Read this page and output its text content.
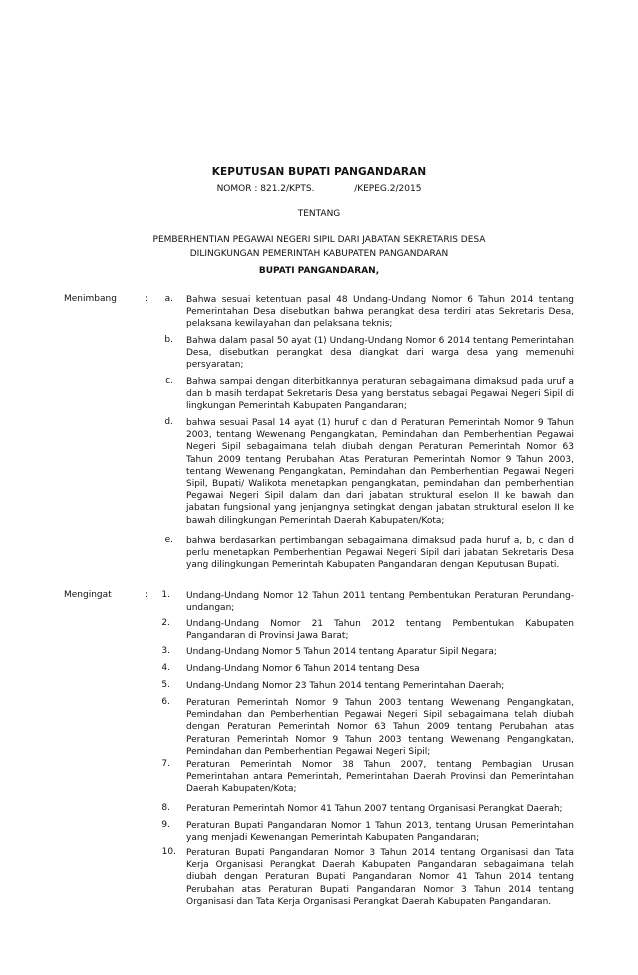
KEPUTUSAN BUPATI PANGANDARAN
NOMOR : 821.2/KPTS.	/KEPEG.2/2015
TENTANG
PEMBERHENTIAN PEGAWAI NEGERI SIPIL DARI JABATAN SEKRETARIS DESA
DILINGKUNGAN PEMERINTAH KABUPATEN PANGANDARAN
BUPATI PANGANDARAN,
Menimbang	:	a. Bahwa sesuai ketentuan pasal 48 Undang-Undang Nomor 6 Tahun 2014 tentang Pemerintahan Desa disebutkan bahwa perangkat desa terdiri atas Sekretaris Desa, pelaksana kewilayahan dan pelaksana teknis;
b. Bahwa dalam pasal 50 ayat (1) Undang-Undang Nomor 6 2014 tentang Pemerintahan Desa, disebutkan perangkat desa diangkat dari warga desa yang memenuhi persyaratan;
c. Bahwa sampai dengan diterbitkannya peraturan sebagaimana dimaksud pada uruf a dan b masih terdapat Sekretaris Desa yang berstatus sebagai Pegawai Negeri Sipil di lingkungan Pemerintah Kabupaten Pangandaran;
d. bahwa sesuai Pasal 14 ayat (1) huruf c dan d Peraturan Pemerintah Nomor 9 Tahun 2003, tentang Wewenang Pengangkatan, Pemindahan dan Pemberhentian Pegawai Negeri Sipil sebagaimana telah diubah dengan Peraturan Pemerintah Nomor 63 Tahun 2009 tentang Perubahan Atas Peraturan Pemerintah Nomor 9 Tahun 2003, tentang Wewenang Pengangkatan, Pemindahan dan Pemberhentian Pegawai Negeri Sipil, Bupati/ Walikota menetapkan pengangkatan, pemindahan dan pemberhentian Pegawai Negeri Sipil dalam dan dari jabatan struktural eselon II ke bawah dan jabatan fungsional yang jenjangnya setingkat dengan jabatan struktural eselon II ke bawah dilingkungan Pemerintah Daerah Kabupaten/Kota;
e. bahwa berdasarkan pertimbangan sebagaimana dimaksud pada huruf a, b, c dan d perlu menetapkan Pemberhentian Pegawai Negeri Sipil dari jabatan Sekretaris Desa yang dilingkungan Pemerintah Kabupaten Pangandaran dengan Keputusan Bupati.
Mengingat	:	1. Undang-Undang Nomor 12 Tahun 2011 tentang Pembentukan Peraturan Perundang-undangan;
2. Undang-Undang Nomor 21 Tahun 2012 tentang Pembentukan Kabupaten Pangandaran di Provinsi Jawa Barat;
3. Undang-Undang Nomor 5 Tahun 2014 tentang Aparatur Sipil Negara;
4. Undang-Undang Nomor 6 Tahun 2014 tentang Desa
5. Undang-Undang Nomor 23 Tahun 2014 tentang Pemerintahan Daerah;
6. Peraturan Pemerintah Nomor 9 Tahun 2003 tentang Wewenang Pengangkatan, Pemindahan dan Pemberhentian Pegawai Negeri Sipil sebagaimana telah diubah dengan Peraturan Pemerintah Nomor 63 Tahun 2009 tentang Perubahan atas Peraturan Pemerintah Nomor 9 Tahun 2003 tentang Wewenang Pengangkatan, Pemindahan dan Pemberhentian Pegawai Negeri Sipil;
7. Peraturan Pemerintah Nomor 38 Tahun 2007, tentang Pembagian Urusan Pemerintahan antara Pemerintah, Pemerintahan Daerah Provinsi dan Pemerintahan Daerah Kabupaten/Kota;
8. Peraturan Pemerintah Nomor 41 Tahun 2007 tentang Organisasi Perangkat Daerah;
9. Peraturan Bupati Pangandaran Nomor 1 Tahun 2013, tentang Urusan Pemerintahan yang menjadi Kewenangan Pemerintah Kabupaten Pangandaran;
10. Peraturan Bupati Pangandaran Nomor 3 Tahun 2014 tentang Organisasi dan Tata Kerja Organisasi Perangkat Daerah Kabupaten Pangandaran sebagaimana telah diubah dengan Peraturan Bupati Pangandaran Nomor 41 Tahun 2014 tentang Perubahan atas Peraturan Bupati Pangandaran Nomor 3 Tahun 2014 tentang Organisasi dan Tata Kerja Organisasi Perangkat Daerah Kabupaten Pangandaran.
